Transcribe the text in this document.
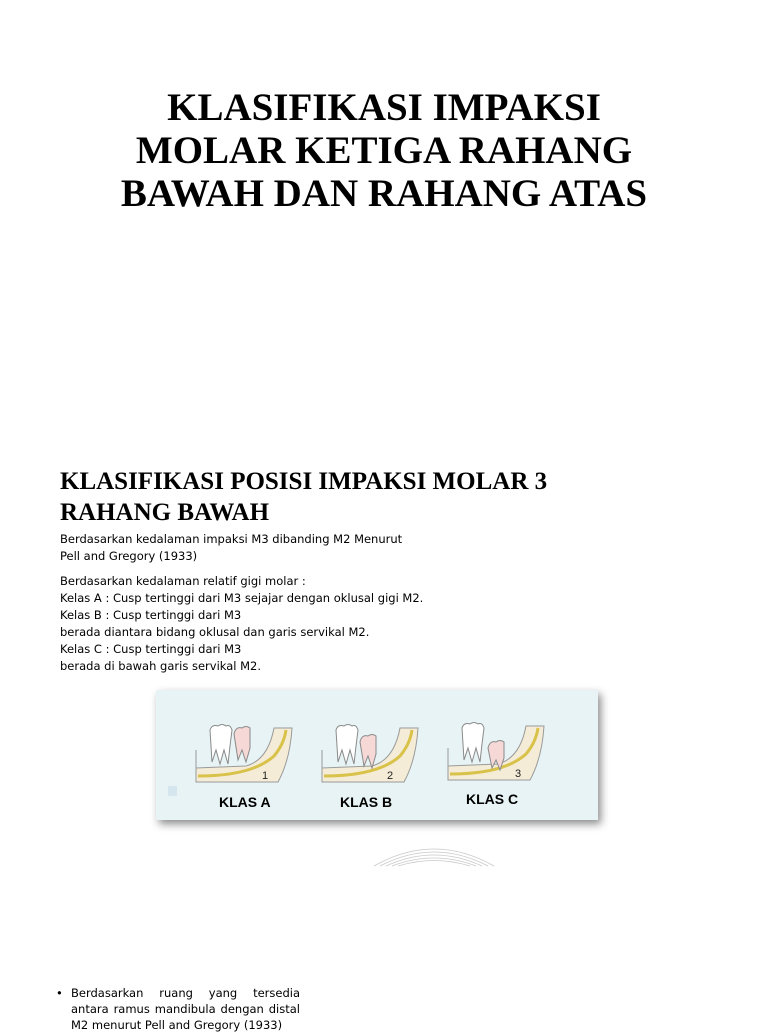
KLASIFIKASI IMPAKSI
MOLAR KETIGA RAHANG
BAWAH DAN RAHANG ATAS
KLASIFIKASI POSISI IMPAKSI MOLAR 3
RAHANG BAWAH
Berdasarkan kedalaman impaksi M3 dibanding M2 Menurut
Pell and Gregory (1933)
Berdasarkan kedalaman relatif gigi molar :
Kelas A : Cusp tertinggi dari M3 sejajar dengan oklusal gigi M2.
Kelas B : Cusp tertinggi dari M3
berada diantara bidang oklusal dan garis servikal M2.
Kelas C : Cusp tertinggi dari M3
berada di bawah garis servikal M2.
1	2	3
KLAS A	KLAS B	KLAS C
• Berdasarkan ruang yang tersedia
antara ramus mandibula dengan distal
M2 menurut Pell and Gregory (1933)
